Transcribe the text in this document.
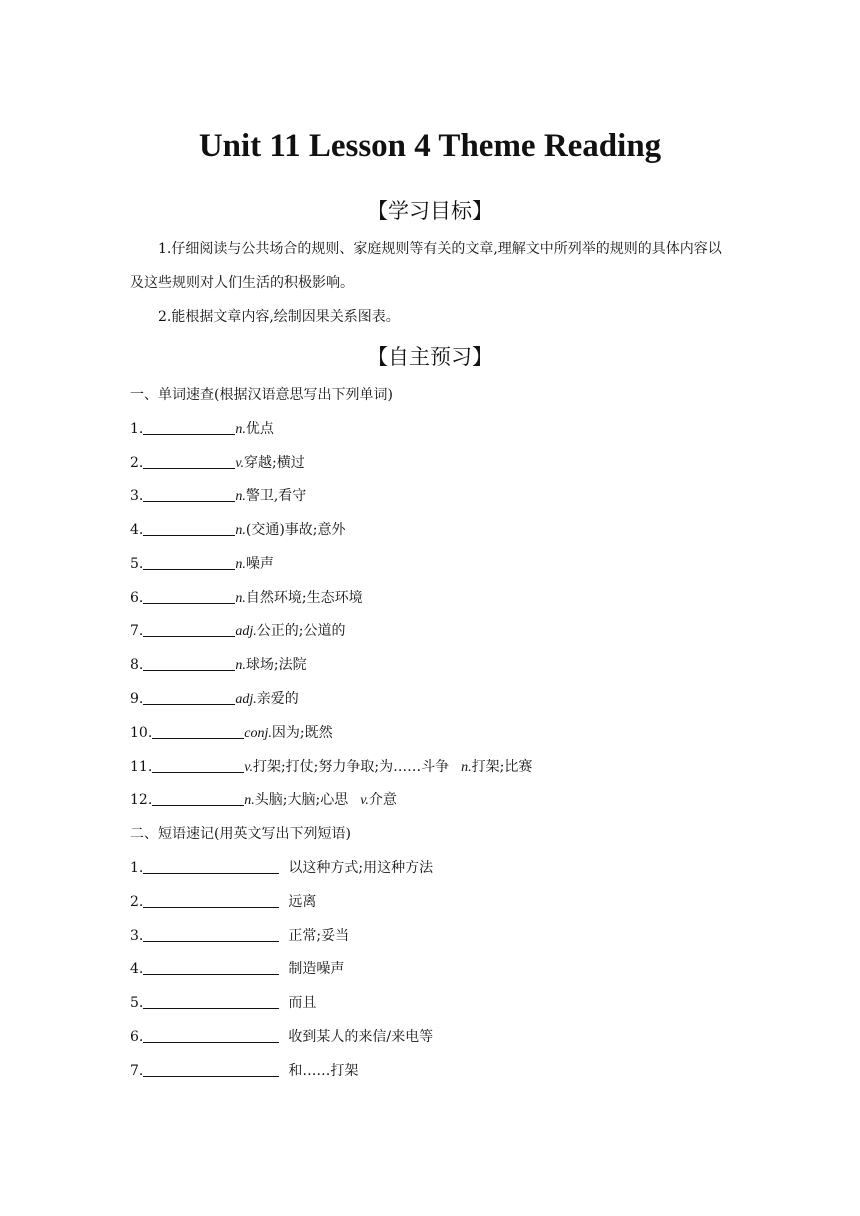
Unit 11 Lesson 4 Theme Reading
【学习目标】

1.仔细阅读与公共场合的规则、家庭规则等有关的文章,理解文中所列举的规则的具体内容以及这些规则对人们生活的积极影响。

2.能根据文章内容,绘制因果关系图表。

【自主预习】
一、单词速查(根据汉语意思写出下列单词)
1.	n.优点
2.	v.穿越;横过
3.	n.警卫,看守
4.	n.(交通)事故;意外
5.	n.噪声
6.	n.自然环境;生态环境
7.	adj.公正的;公道的
8.	n.球场;法院
9.	adj.亲爱的
10.	conj.因为;既然
11.	v.打架;打仗;努力争取;为……斗争 n.打架;比赛
12.	n.头脑;大脑;心思 v.介意
二、短语速记(用英文写出下列短语)
1.	以这种方式;用这种方法
2.	远离
3.	正常;妥当
4.	制造噪声
5.	而且
6.	收到某人的来信/来电等
7.	和……打架
